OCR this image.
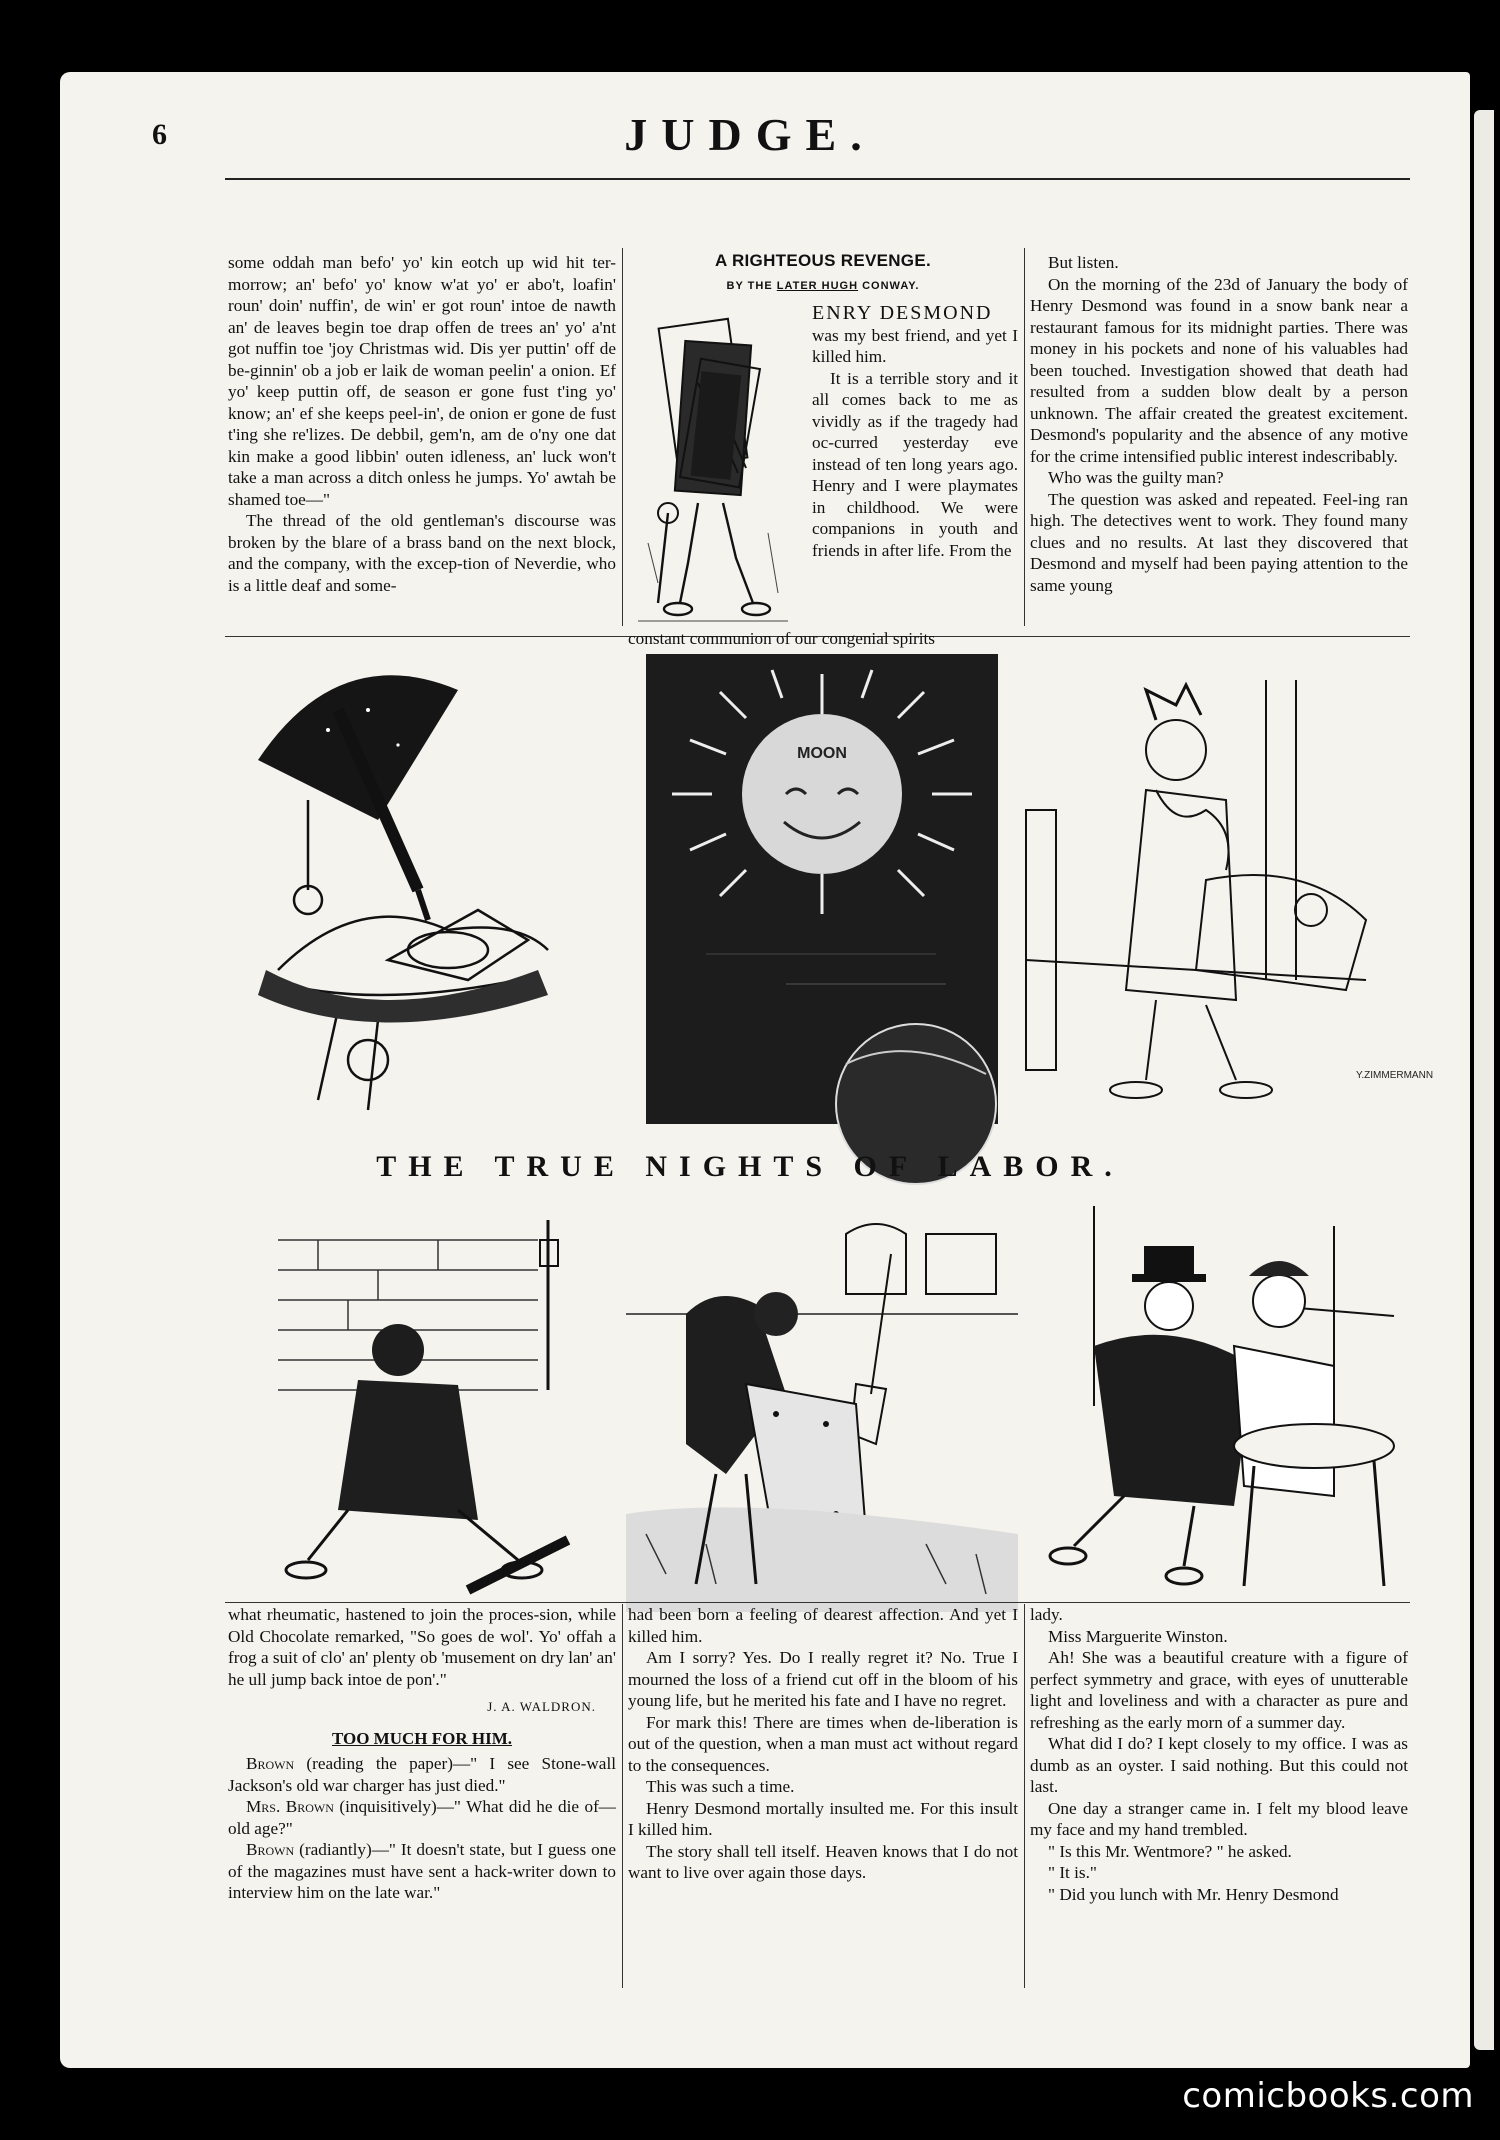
6	JUDGE.

some oddah man befo' yo' kin eotch up wid hit ter-morrow; an' befo' yo' know w'at yo' er abo't, loafin' roun' doin' nuffin', de win' er got roun' intoe de nawth an' de leaves begin toe drap offen de trees an' yo' a'nt got nuffin toe 'joy Christmas wid. Dis yer puttin' off de be-ginnin' ob a job er laik de woman peelin' a onion. Ef yo' keep puttin off, de season er gone fust t'ing yo' know; an' ef she keeps peel-in', de onion er gone de fust t'ing she re'lizes. De debbil, gem'n, am de o'ny one dat kin make a good libbin' outen idleness, an' luck won't take a man across a ditch onless he jumps. Yo' awtah be shamed toe—"

The thread of the old gentleman's discourse was broken by the blare of a brass band on the next block, and the company, with the excep-tion of Neverdie, who is a little deaf and some-

A RIGHTEOUS REVENGE.
BY THE LATER HUGH CONWAY.

ENRY DESMOND

was my best friend, and yet I killed him.

It is a terrible story and it all comes back to me as vividly as if the tragedy had oc-curred yesterday eve instead of ten long years ago. Henry and I were playmates in childhood. We were companions in youth and friends in after life. From the

constant communion of our congenial spirits

But listen.

On the morning of the 23d of January the body of Henry Desmond was found in a snow bank near a restaurant famous for its midnight parties. There was money in his pockets and none of his valuables had been touched. Investigation showed that death had resulted from a sudden blow dealt by a person unknown. The affair created the greatest excitement. Desmond's popularity and the absence of any motive for the crime intensified public interest indescribably.

Who was the guilty man?

The question was asked and repeated. Feel-ing ran high. The detectives went to work. They found many clues and no results. At last they discovered that Desmond and myself had been paying attention to the same young

MOON
Y.ZIMMERMANN
THE TRUE NIGHTS OF LABOR.

what rheumatic, hastened to join the proces-sion, while Old Chocolate remarked, "So goes de wol'. Yo' offah a frog a suit of clo' an' plenty ob 'musement on dry lan' an' he ull jump back intoe de pon'."

J. A. WALDRON.
TOO MUCH FOR HIM.

Brown (reading the paper)—" I see Stone-wall Jackson's old war charger has just died."

Mrs. Brown (inquisitively)—" What did he die of—old age?"

Brown (radiantly)—" It doesn't state, but I guess one of the magazines must have sent a hack-writer down to interview him on the late war."

had been born a feeling of dearest affection. And yet I killed him.

Am I sorry? Yes. Do I really regret it? No. True I mourned the loss of a friend cut off in the bloom of his young life, but he merited his fate and I have no regret.

For mark this! There are times when de-liberation is out of the question, when a man must act without regard to the consequences.

This was such a time.

Henry Desmond mortally insulted me. For this insult I killed him.

The story shall tell itself. Heaven knows that I do not want to live over again those days.

lady.

Miss Marguerite Winston.

Ah! She was a beautiful creature with a figure of perfect symmetry and grace, with eyes of unutterable light and loveliness and with a character as pure and refreshing as the early morn of a summer day.

What did I do? I kept closely to my office. I was as dumb as an oyster. I said nothing. But this could not last.

One day a stranger came in. I felt my blood leave my face and my hand trembled.

" Is this Mr. Wentmore? " he asked.

" It is."

" Did you lunch with Mr. Henry Desmond

comicbooks.com
